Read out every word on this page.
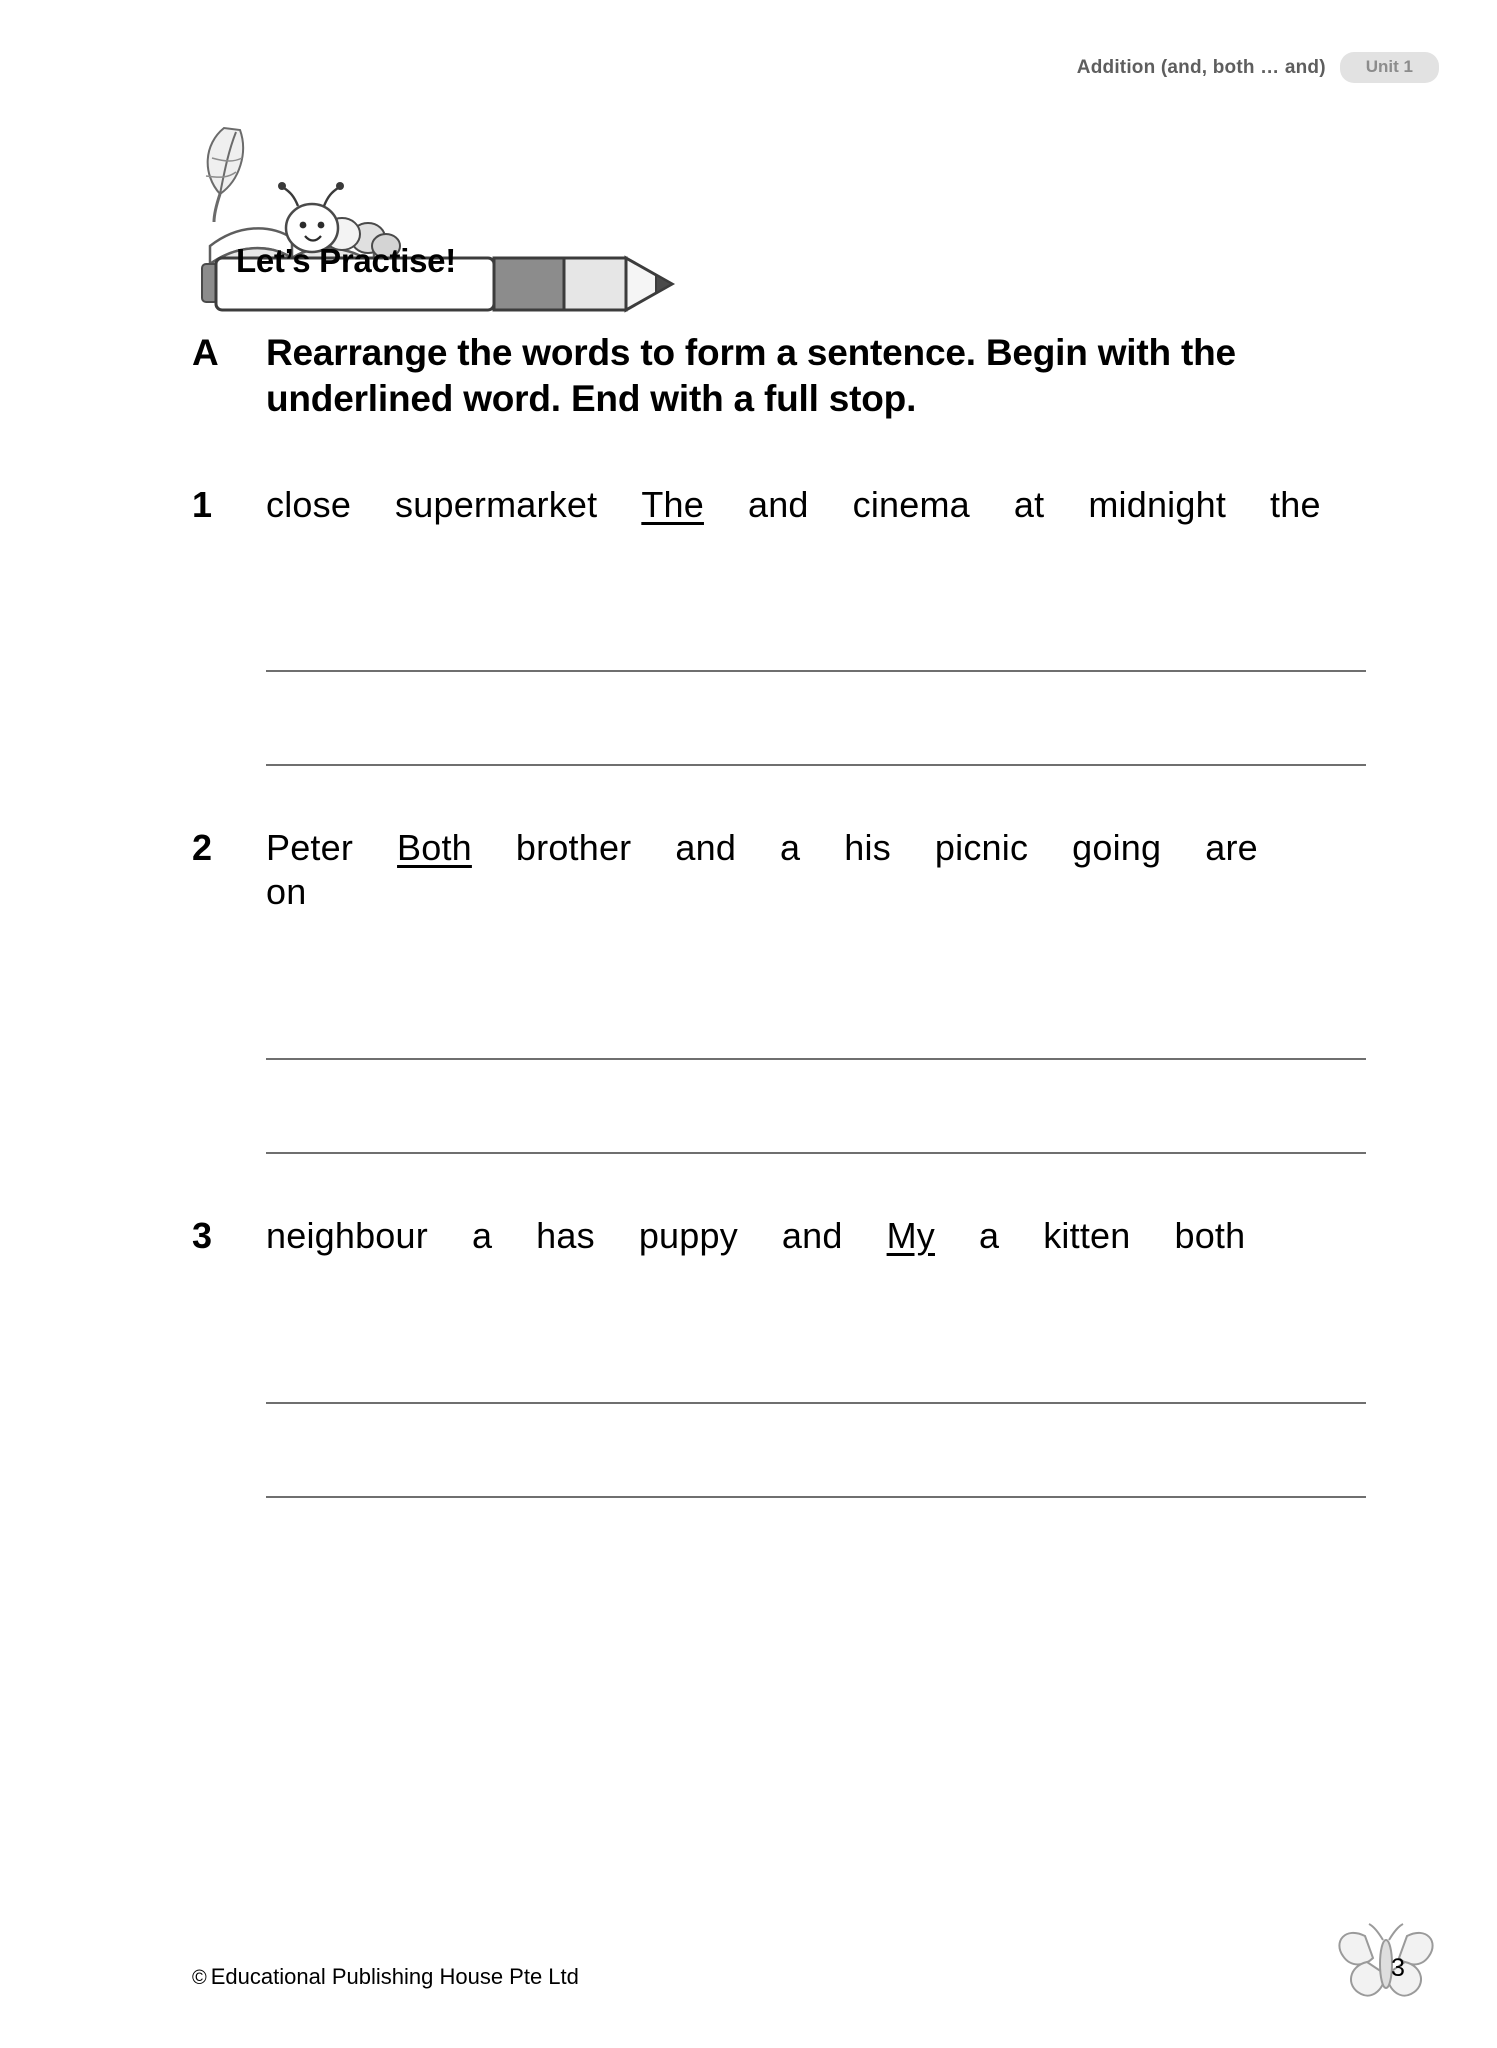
Addition (and, both … and)	Unit 1
Let’s Practise!
A	Rearrange the words to form a sentence. Begin with the underlined word. End with a full stop.
1	close supermarket The and cinema at midnight the
2	Peter Both brother and a his picnic going areon
3	neighbour a has puppy and My a kitten both
© Educational Publishing House Pte Ltd	3
